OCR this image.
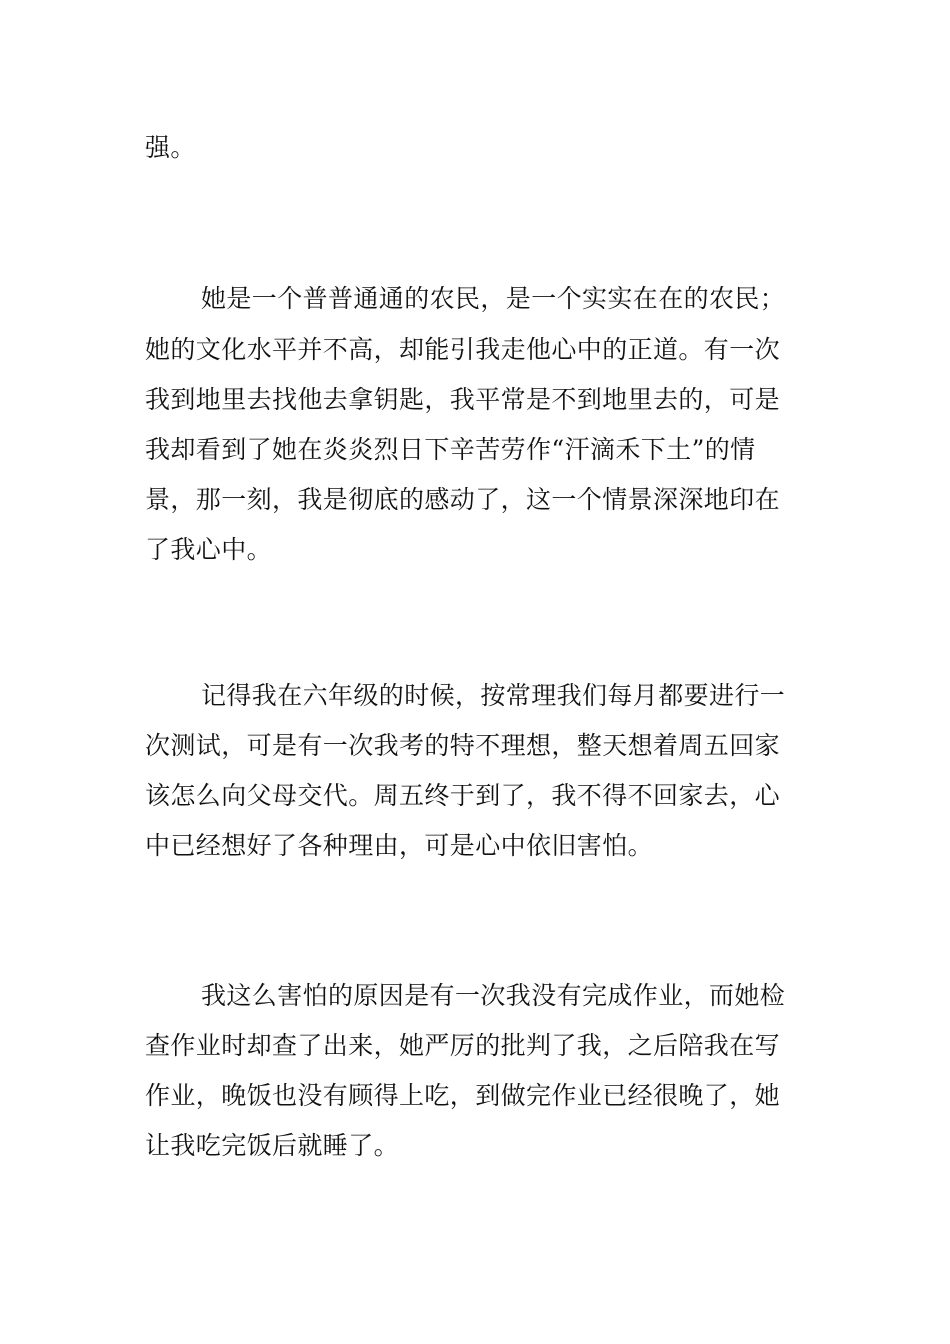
强。
她是一个普普通通的农民，是一个实实在在的农民；
她的文化水平并不高，却能引我走他心中的正道。有一次
我到地里去找他去拿钥匙，我平常是不到地里去的，可是
我却看到了她在炎炎烈日下辛苦劳作“汗滴禾下土”的情
景，那一刻，我是彻底的感动了，这一个情景深深地印在
了我心中。
记得我在六年级的时候，按常理我们每月都要进行一
次测试，可是有一次我考的特不理想，整天想着周五回家
该怎么向父母交代。周五终于到了，我不得不回家去，心
中已经想好了各种理由，可是心中依旧害怕。
我这么害怕的原因是有一次我没有完成作业，而她检
查作业时却查了出来，她严厉的批判了我，之后陪我在写
作业，晚饭也没有顾得上吃，到做完作业已经很晚了，她
让我吃完饭后就睡了。
